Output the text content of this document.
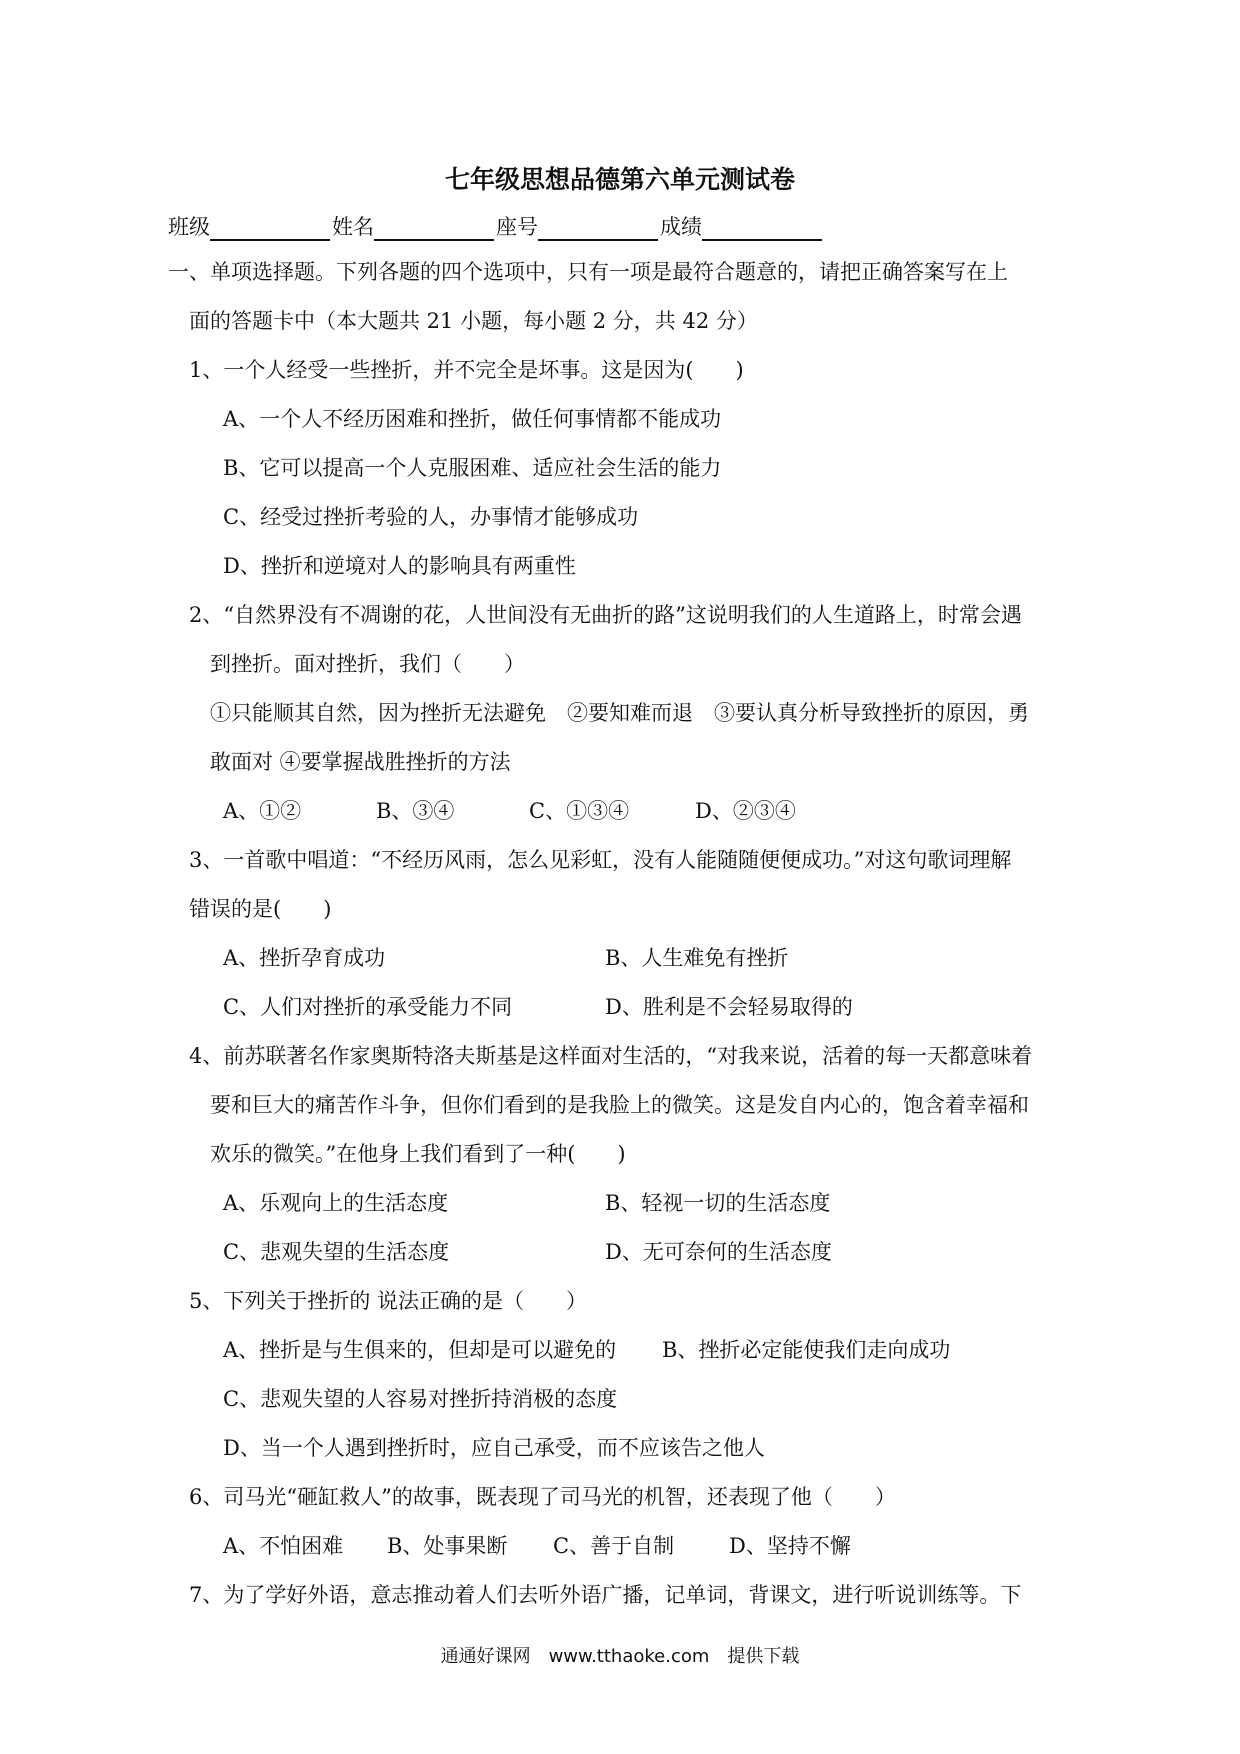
七年级思想品德第六单元测试卷
班级	姓名	座号	成绩
一、单项选择题。下列各题的四个选项中，只有一项是最符合题意的，请把正确答案写在上
面的答题卡中（本大题共 21 小题，每小题 2 分，共 42 分）
1、一个人经受一些挫折，并不完全是坏事。这是因为(　　)
A、一个人不经历困难和挫折，做任何事情都不能成功
B、它可以提高一个人克服困难、适应社会生活的能力
C、经受过挫折考验的人，办事情才能够成功
D、挫折和逆境对人的影响具有两重性
2、“自然界没有不凋谢的花，人世间没有无曲折的路”这说明我们的人生道路上，时常会遇
到挫折。面对挫折，我们（　　）
①只能顺其自然，因为挫折无法避免　②要知难而退　③要认真分析导致挫折的原因，勇
敢面对 ④要掌握战胜挫折的方法
A、①②	B、③④	C、①③④	D、②③④
3、一首歌中唱道：“不经历风雨，怎么见彩虹，没有人能随随便便成功。”对这句歌词理解
错误的是(　　)
A、挫折孕育成功	B、人生难免有挫折
C、人们对挫折的承受能力不同	D、胜利是不会轻易取得的
4、前苏联著名作家奥斯特洛夫斯基是这样面对生活的，“对我来说，活着的每一天都意味着
要和巨大的痛苦作斗争，但你们看到的是我脸上的微笑。这是发自内心的，饱含着幸福和
欢乐的微笑。”在他身上我们看到了一种(　　)
A、乐观向上的生活态度	B、轻视一切的生活态度
C、悲观失望的生活态度	D、无可奈何的生活态度
5、下列关于挫折的 说法正确的是（　　）
A、挫折是与生俱来的，但却是可以避免的 B、挫折必定能使我们走向成功
C、悲观失望的人容易对挫折持消极的态度
D、当一个人遇到挫折时，应自己承受，而不应该告之他人
6、司马光“砸缸救人”的故事，既表现了司马光的机智，还表现了他（　　）
A、不怕困难 B、处事果断 C、善于自制	D、坚持不懈
7、为了学好外语，意志推动着人们去听外语广播，记单词，背课文，进行听说训练等。下
通通好课网　www.tthaoke.com　提供下载
